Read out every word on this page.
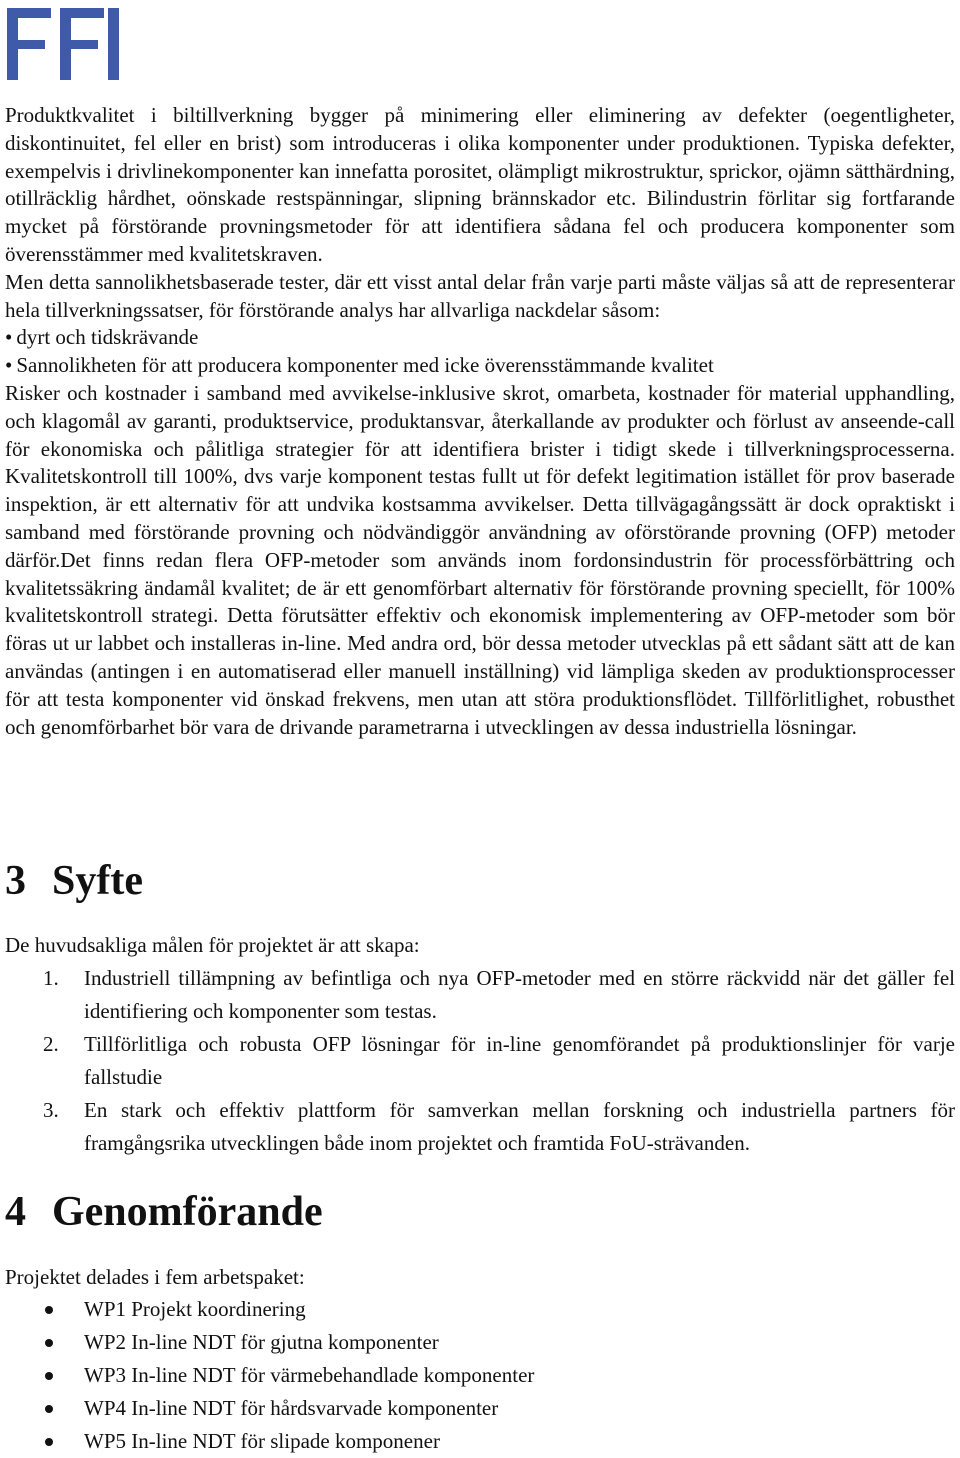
Produktkvalitet i biltillverkning bygger på minimering eller eliminering av defekter (oegentligheter, diskontinuitet, fel eller en brist) som introduceras i olika komponenter under produktionen. Typiska defekter, exempelvis i drivlinekomponenter kan innefatta porositet, olämpligt mikrostruktur, sprickor, ojämn sätthärdning, otillräcklig hårdhet, oönskade restspänningar, slipning brännskador etc. Bilindustrin förlitar sig fortfarande mycket på förstörande provningsmetoder för att identifiera sådana fel och producera komponenter som överensstämmer med kvalitetskraven.

Men detta sannolikhetsbaserade tester, där ett visst antal delar från varje parti måste väljas så att de representerar hela tillverkningssatser, för förstörande analys har allvarliga nackdelar såsom:

• dyrt och tidskrävande

• Sannolikheten för att producera komponenter med icke överensstämmande kvalitet

Risker och kostnader i samband med avvikelse-inklusive skrot, omarbeta, kostnader för material upphandling, och klagomål av garanti, produktservice, produktansvar, återkallande av produkter och förlust av anseende-call för ekonomiska och pålitliga strategier för att identifiera brister i tidigt skede i tillverkningsprocesserna. Kvalitetskontroll till 100%, dvs varje komponent testas fullt ut för defekt legitimation istället för prov baserade inspektion, är ett alternativ för att undvika kostsamma avvikelser. Detta tillvägagångssätt är dock opraktiskt i samband med förstörande provning och nödvändiggör användning av oförstörande provning (OFP) metoder därför.Det finns redan flera OFP-metoder som används inom fordonsindustrin för processförbättring och kvalitetssäkring ändamål kvalitet; de är ett genomförbart alternativ för förstörande provning speciellt, för 100% kvalitetskontroll strategi. Detta förutsätter effektiv och ekonomisk implementering av OFP-metoder som bör föras ut ur labbet och installeras in-line. Med andra ord, bör dessa metoder utvecklas på ett sådant sätt att de kan användas (antingen i en automatiserad eller manuell inställning) vid lämpliga skeden av produktionsprocesser för att testa komponenter vid önskad frekvens, men utan att störa produktionsflödet. Tillförlitlighet, robusthet och genomförbarhet bör vara de drivande parametrarna i utvecklingen av dessa industriella lösningar.

3 Syfte
De huvudsakliga målen för projektet är att skapa:
1. Industriell tillämpning av befintliga och nya OFP-metoder med en större räckvidd när det gäller fel identifiering och komponenter som testas.
2. Tillförlitliga och robusta OFP lösningar för in-line genomförandet på produktionslinjer för varje fallstudie
3. En stark och effektiv plattform för samverkan mellan forskning och industriella partners för framgångsrika utvecklingen både inom projektet och framtida FoU-strävanden.
4 Genomförande
Projektet delades i fem arbetspaket:
WP1 Projekt koordinering
WP2 In-line NDT för gjutna komponenter
WP3 In-line NDT för värmebehandlade komponenter
WP4 In-line NDT för hårdsvarvade komponenter
WP5 In-line NDT för slipade komponener
